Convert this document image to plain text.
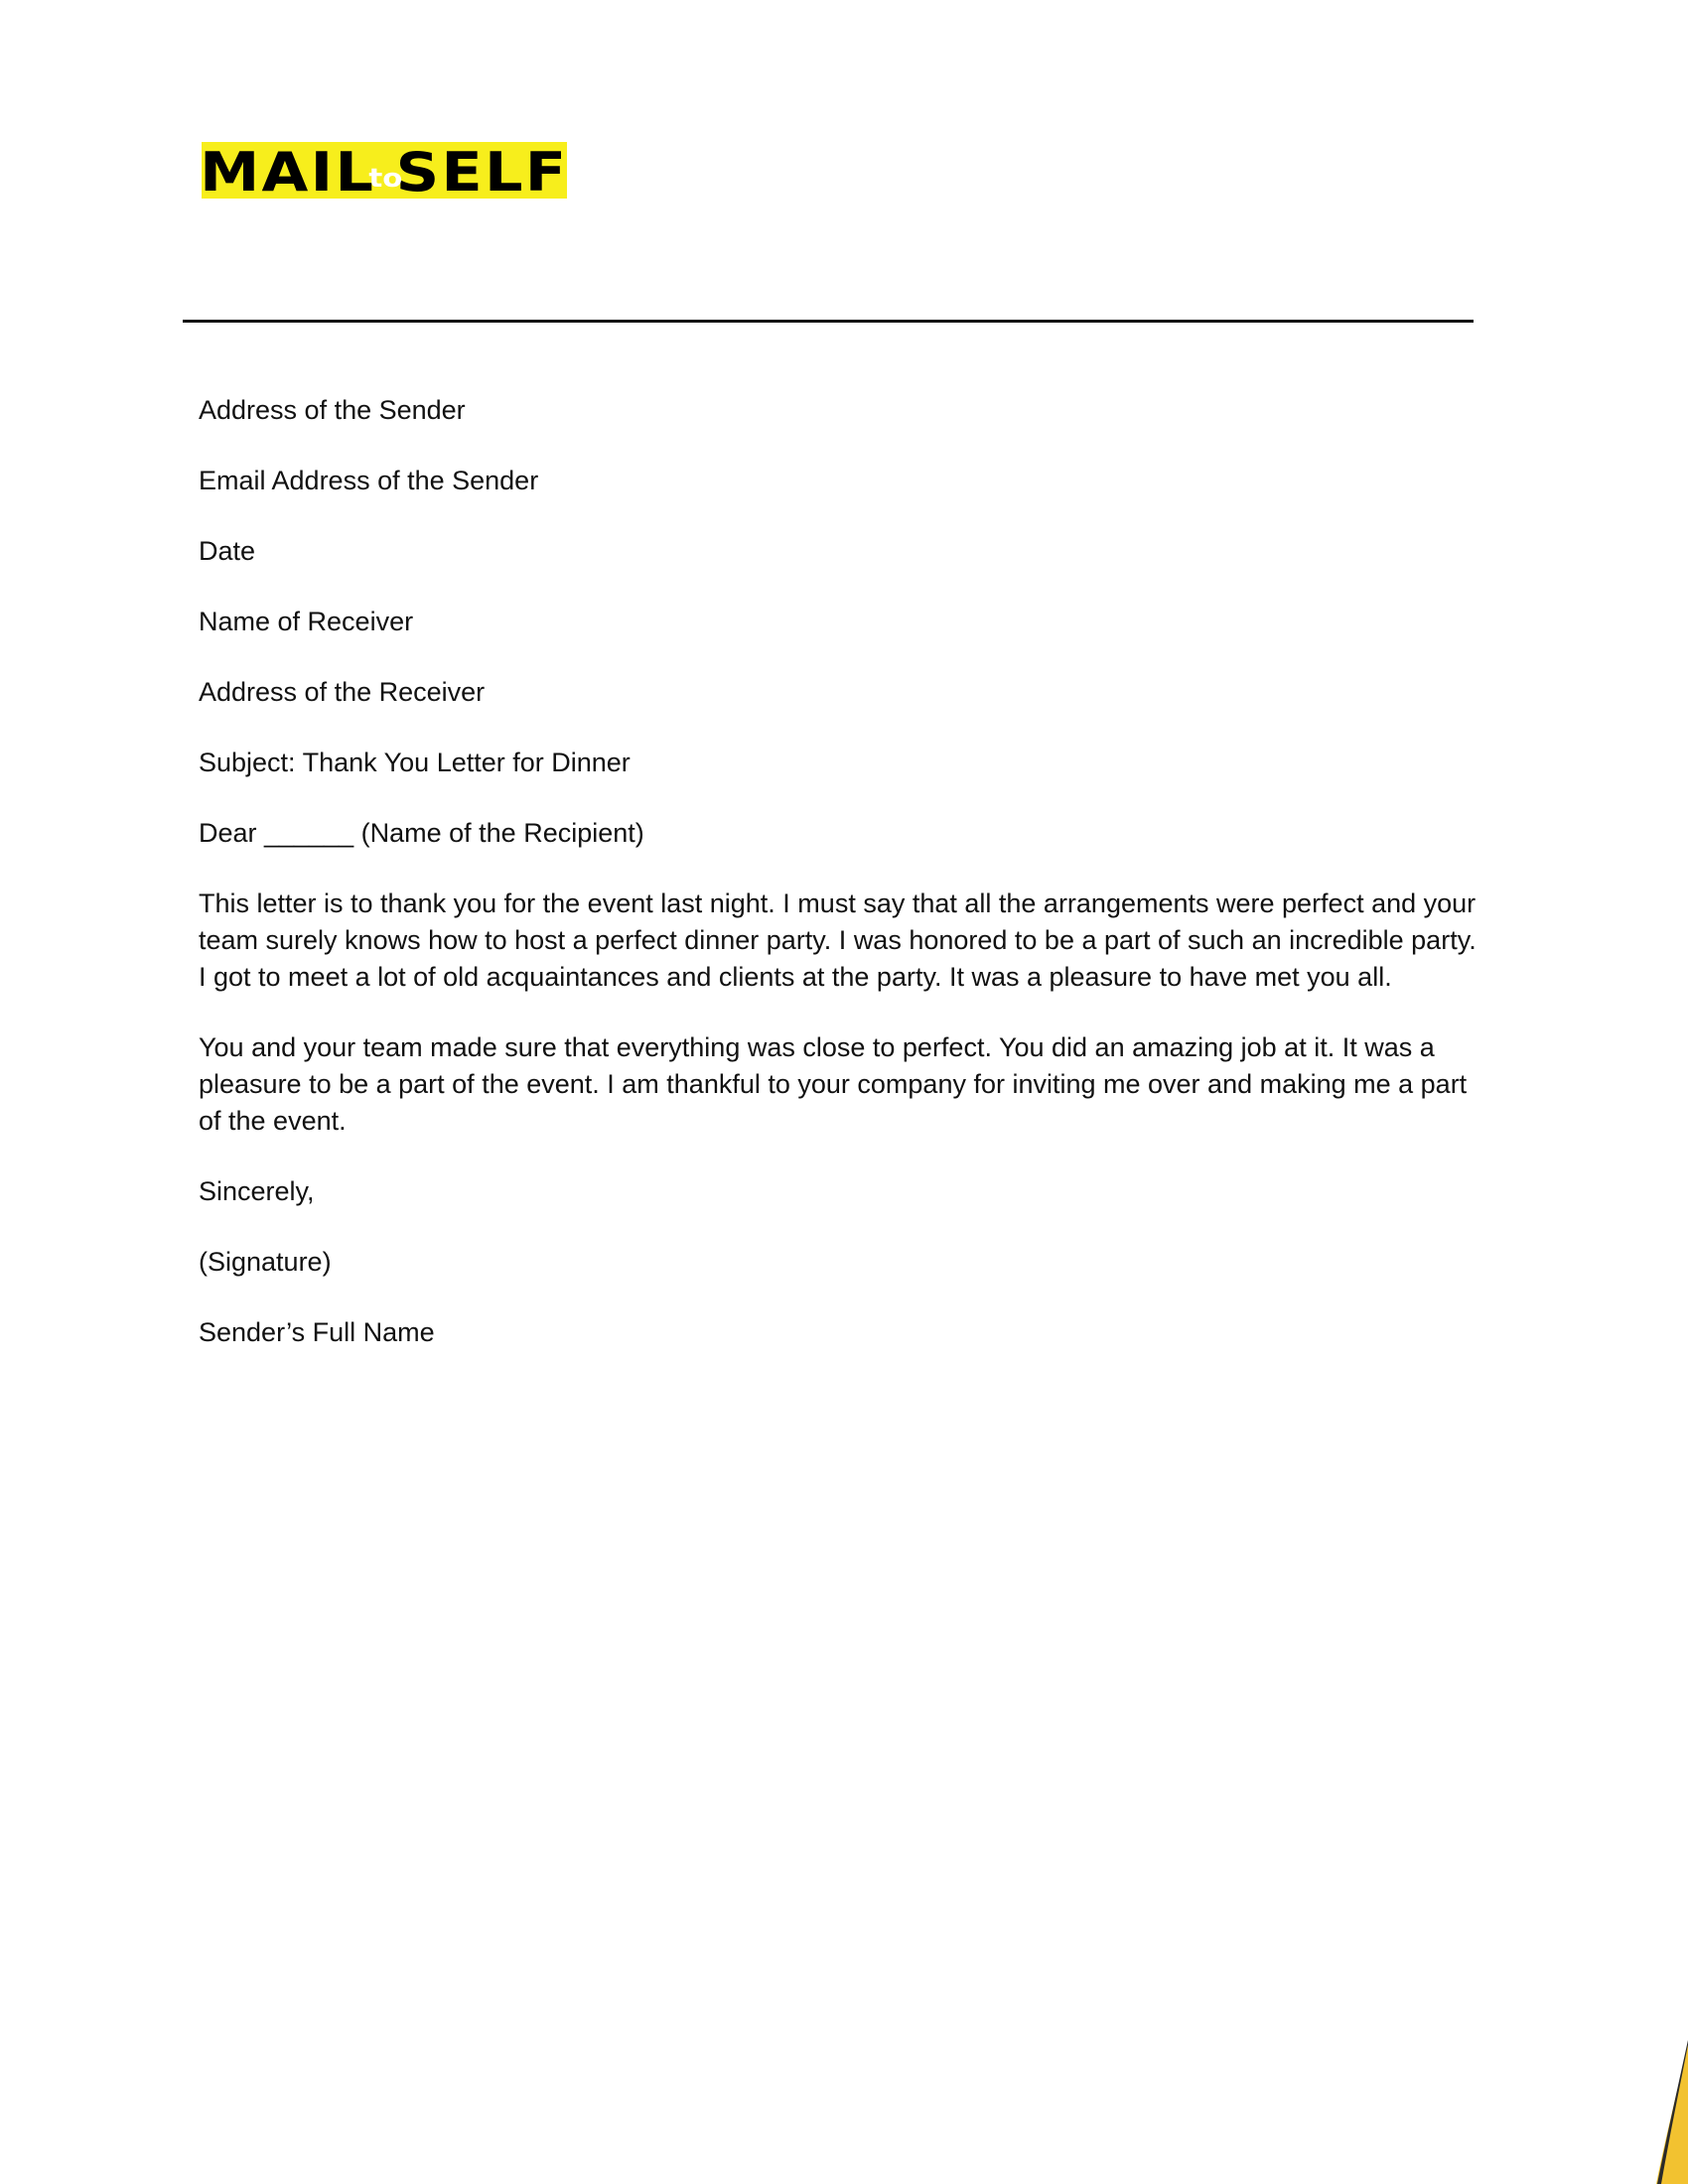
MAILtoSELF

Address of the Sender

Email Address of the Sender

Date

Name of Receiver

Address of the Receiver

Subject: Thank You Letter for Dinner

Dear ______ (Name of the Recipient)

This letter is to thank you for the event last night. I must say that all the arrangements were perfect and your team surely knows how to host a perfect dinner party. I was honored to be a part of such an incredible party. I got to meet a lot of old acquaintances and clients at the party. It was a pleasure to have met you all.

You and your team made sure that everything was close to perfect. You did an amazing job at it. It was a pleasure to be a part of the event. I am thankful to your company for inviting me over and making me a part of the event.

Sincerely,

(Signature)

Sender’s Full Name
